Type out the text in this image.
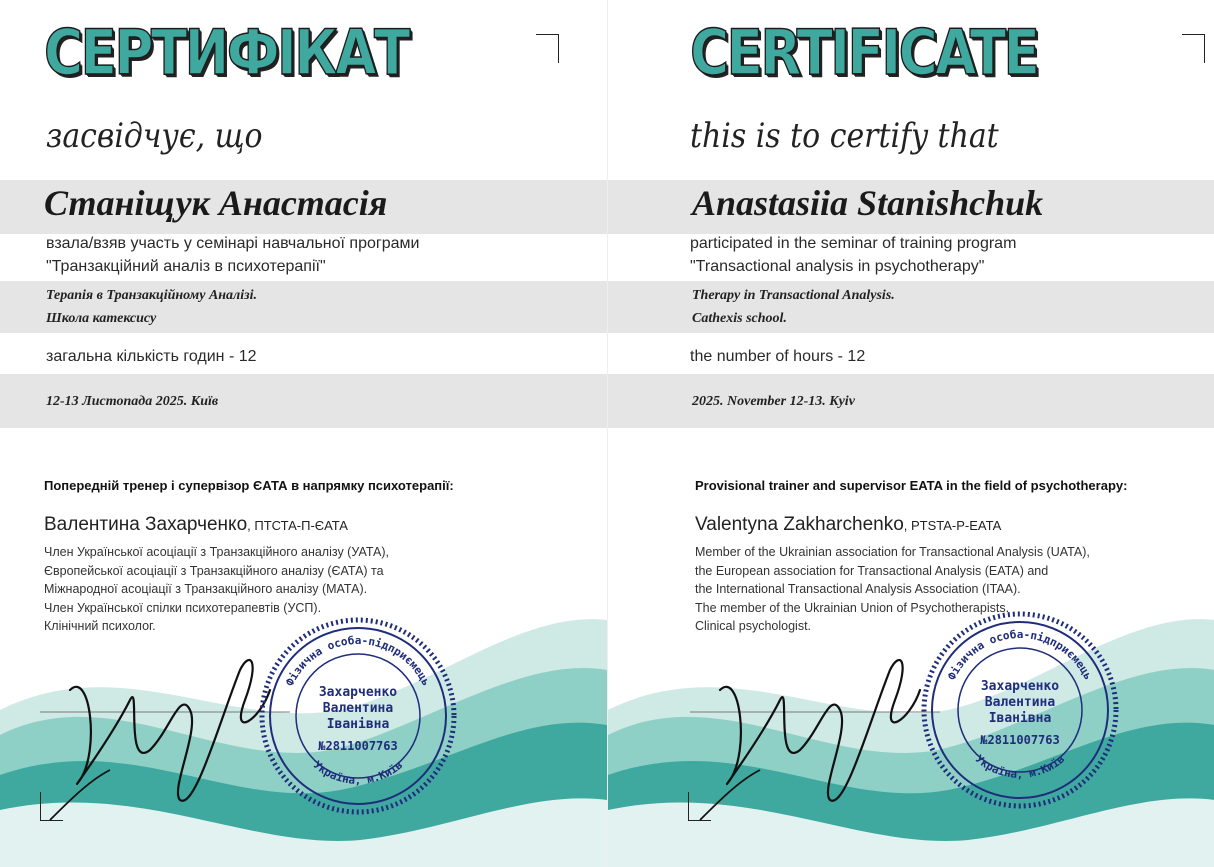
СЕРТИФІКАТ
засвідчує, що
Станіщук Анастасія
взала/взяв участь у семінарі навчальної програми
"Транзакційний аналіз в психотерапії"
Терапія в Транзакційному Аналізі.
Школа катексису
загальна кількість годин - 12
12-13 Листопада 2025. Київ
Попередній тренер і супервізор ЄАТА в напрямку психотерапії:
Валентина Захарченко, ПТСТА-П-ЄАТА
Член Української асоціації з Транзакційного аналізу (УАТА),
Європейської асоціації з Транзакційного аналізу (ЄАТА) та
Міжнародної асоціації з Транзакційного аналізу (МАТА).
Член Української спілки психотерапевтів (УСП).
Клінічний психолог.
Фізична особа-підприємець
Україна, м.Київ
Захарченко
Валентина
Іванівна
№2811007763
CERTIFICATE
this is to certify that
Anastasiia Stanishchuk
participated in the seminar of training program
"Transactional analysis in psychotherapy"
Therapy in Transactional Analysis.
Cathexis school.
the number of hours - 12
2025. November 12-13. Kyiv
Provisional trainer and supervisor EATA in the field of psychotherapy:
Valentyna Zakharchenko, PTSTA-P-EATA
Member of the Ukrainian association for Transactional Analysis (UATA),
the European association for Transactional Analysis (EATA) and
the International Transactional Analysis Association (ITAA).
The member of the Ukrainian Union of Psychotherapists.
Clinical psychologist.
Фізична особа-підприємець
Україна, м.Київ
Захарченко
Валентина
Іванівна
№2811007763
